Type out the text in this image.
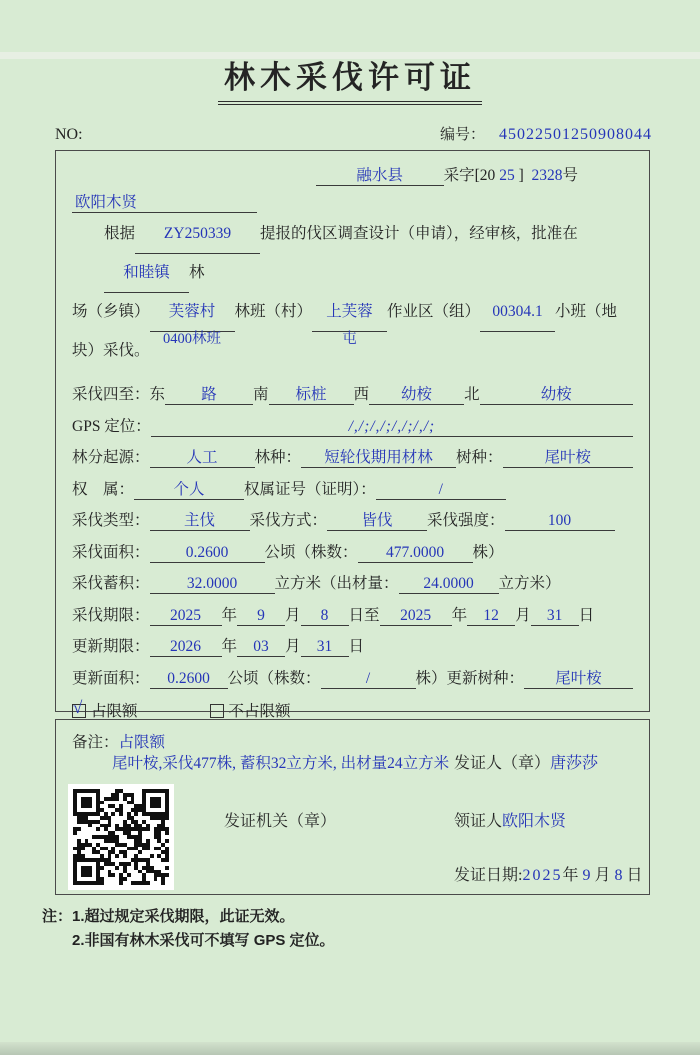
林木采伐许可证
NO:	编号： 45022501250908044
融水县	采字[20 25 ] 2328号
欧阳木贤
根据 ZY250339 提报的伐区调查设计（申请），经审核，批准在和睦镇 林
场（乡镇） 芙蓉村
0400林班
林班（村） 上芙蓉
屯
作业区（组） 00304.1 小班（地块）采伐。
采伐四至： 东	路	南	标桩	西	幼桉	北	幼桉
GPS 定位：	/,/;/,/;/,/;/,/;
林分起源：	人工	林种：	短轮伐期用材林	树种：	尾叶桉
权　属：	个人	权属证号（证明）：	/
采伐类型：	主伐	采伐方式：	皆伐	采伐强度：	100
采伐面积：	0.2600	公顷（株数：	477.0000	株）
采伐蓄积：	32.0000	立方米（出材量：	24.0000	立方米）
采伐期限：	2025	年	9	月	8	日至	2025	年	12	月	31	日
更新期限：	2026	年	03	月	31	日
更新面积：	0.2600	公顷（株数：	/	株）更新树种：	尾叶桉
√ 占限额	不占限额
备注： 占限额
尾叶桉,采伐477株, 蓄积32立方米, 出材量24立方米
发证机关（章）
发证人（章）唐莎莎
领证人欧阳木贤
发证日期:2025年 9 月 8 日
注： 1.超过规定采伐期限，此证无效。
2.非国有林木采伐可不填写 GPS 定位。
